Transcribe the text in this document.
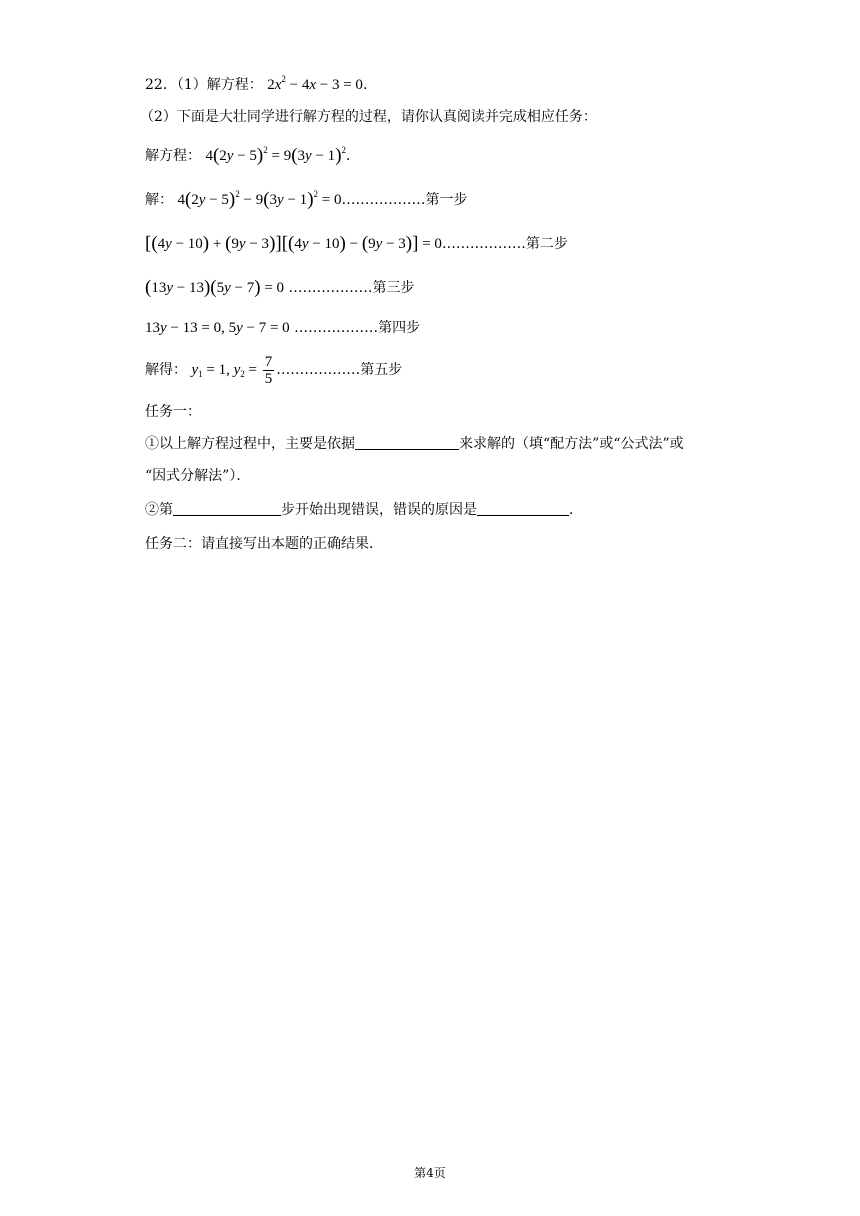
22．（1）解方程： $2x^2 - 4x - 3 = 0$．
（2）下面是大壮同学进行解方程的过程，请你认真阅读并完成相应任务：
解方程： $4(2y - 5)^2 = 9(3y - 1)^2$．
解： $4(2y - 5)^2 - 9(3y - 1)^2$ = 0………………第一步
[(4y − 10) + (9y − 3)][(4y − 10) − (9y − 3)] = 0………………第二步
(13y − 13)(5y − 7) = 0 ………………第三步
13y − 13 = 0, 5y − 7 = 0 ………………第四步
解得： $y_1 = 1$, $y_2 = \frac{7}{5}$ ………………第五步
任务一：
①以上解方程过程中，主要是依据	来求解的（填“配方法”或“公式法”或
“因式分解法”）．
②第	步开始出现错误，错误的原因是	．
任务二：请直接写出本题的正确结果．
第4页
